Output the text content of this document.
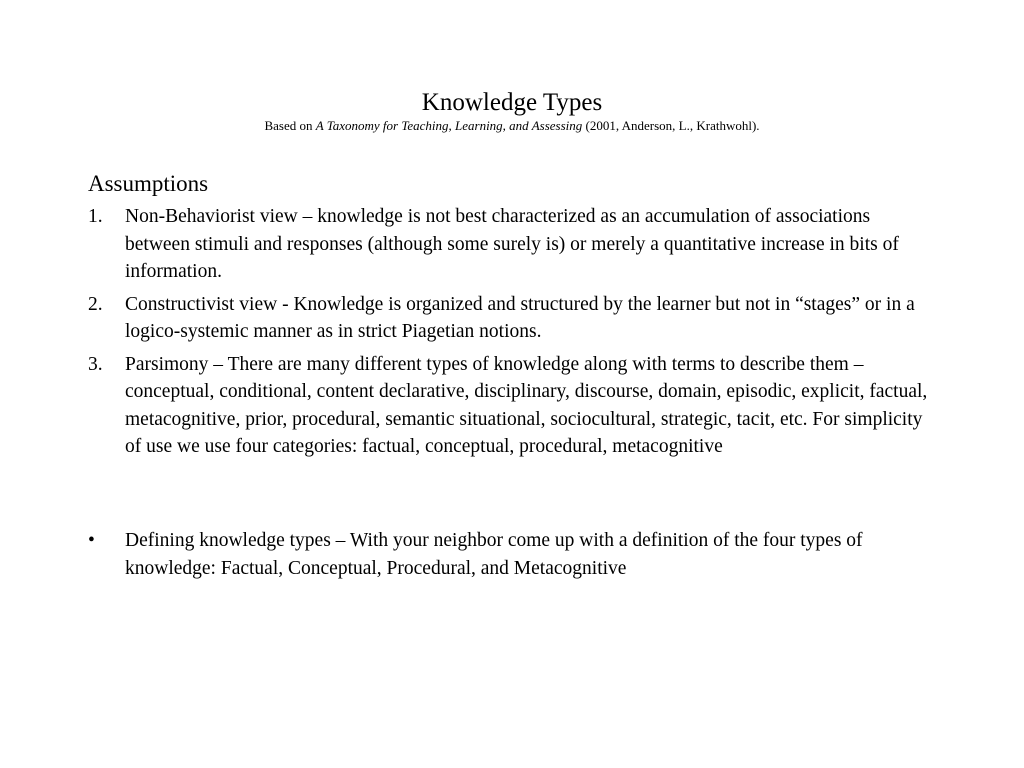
Knowledge Types

Based on A Taxonomy for Teaching, Learning, and Assessing (2001, Anderson, L., Krathwohl).

Assumptions
1. Non-Behaviorist view – knowledge is not best characterized as an accumulation of associations between stimuli and responses (although some surely is) or merely a quantitative increase in bits of information.
2. Constructivist view - Knowledge is organized and structured by the learner but not in “stages” or in a logico-systemic manner as in strict Piagetian notions.
3. Parsimony – There are many different types of knowledge along with terms to describe them – conceptual, conditional, content declarative, disciplinary, discourse, domain, episodic, explicit, factual, metacognitive, prior, procedural, semantic situational, sociocultural, strategic, tacit, etc. For simplicity of use we use four categories: factual, conceptual, procedural, metacognitive
• Defining knowledge types – With your neighbor come up with a definition of the four types of knowledge: Factual, Conceptual, Procedural, and Metacognitive
